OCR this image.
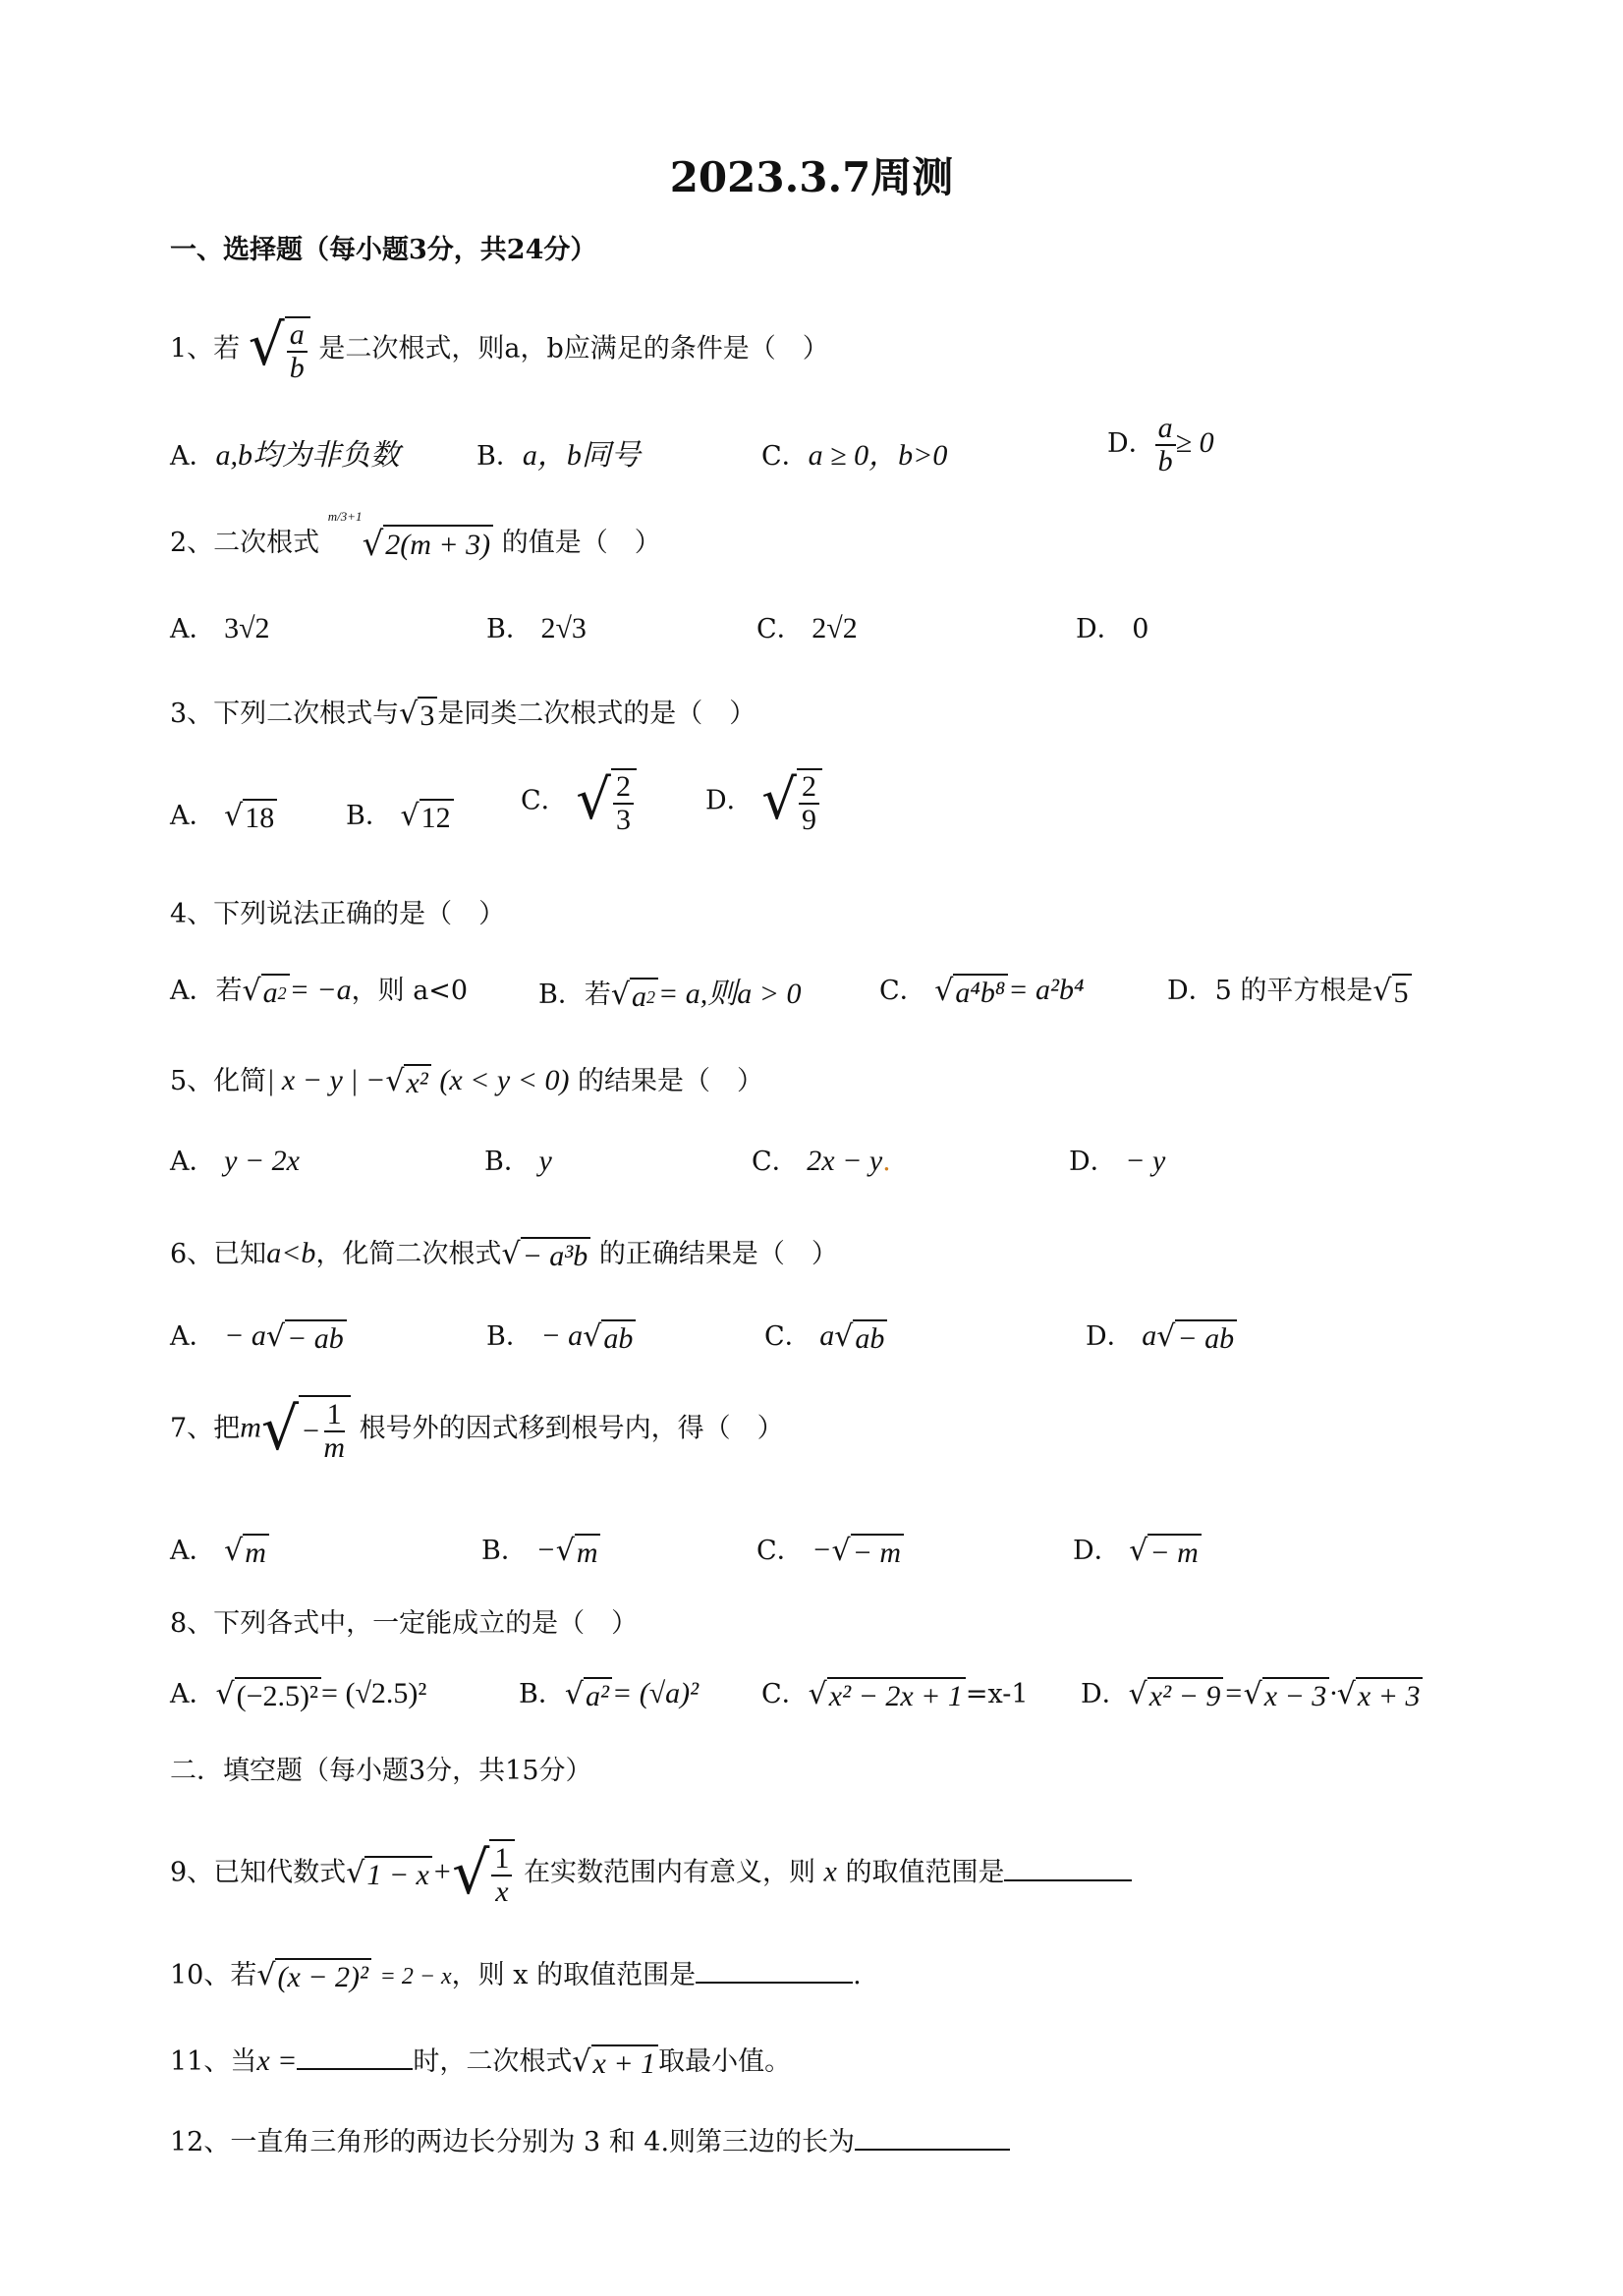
2023.3.7周测
一、选择题（每小题3分，共24分）
1、若 √ $\frac{a}{b}$ 是二次根式，则a，b应满足的条件是（　）
A．a,b均为非负数	B．a，b同号	C．a ≥ 0，b>0	D． $\frac{a}{b} \ge 0$
2、二次根式
m/3+1
√ 2(m + 3) 的值是（　）
A． 3√2	B． 2√3	C． 2√2	D． 0
3、下列二次根式与 √ 3 是同类二次根式的是（　）
A． √ 18	B． √ 12
C． √ $\frac{2}{3}$	D． √ $\frac{2}{9}$
4、下列说法正确的是（　）
A．若 √ a 2 = −a，则 a<0	B．若 √ a 2 = a,则a > 0	C． √ a⁴b⁸ = a²b⁴	D．5 的平方根是 √ 5
5、化简| x − y | − √ x² (x < y < 0) 的结果是（　）
A． y − 2x	B． y	C． 2x − y.	D． − y
6、已知a<b，化简二次根式 √ − a³b 的正确结果是（　）
A． − a √ − ab	B． − a √ ab	C． a √ ab	D． a √ − ab
7、把m √ − $\frac{1}{m}$ 根号外的因式移到根号内，得（　）
A． √ m	B． − √ m	C． − √ − m	D． √ − m
8、下列各式中，一定能成立的是（　）
A． √ (−2.5)² = (√2.5)²	B． √ a² = (√a)² C． √ x² − 2x + 1 =x-1 D． √ x² − 9 = √ x − 3 · √ x + 3
二．填空题（每小题3分，共15分）
9、已知代数式 √ 1 − x + √ $\frac{1}{x}$ 在实数范围内有意义，则 x 的取值范围是
10、若 √ (x − 2)² = 2 − x，则 x 的取值范围是	.
11、当x =	时，二次根式 √ x + 1 取最小值。
12、一直角三角形的两边长分别为 3 和 4.则第三边的长为
